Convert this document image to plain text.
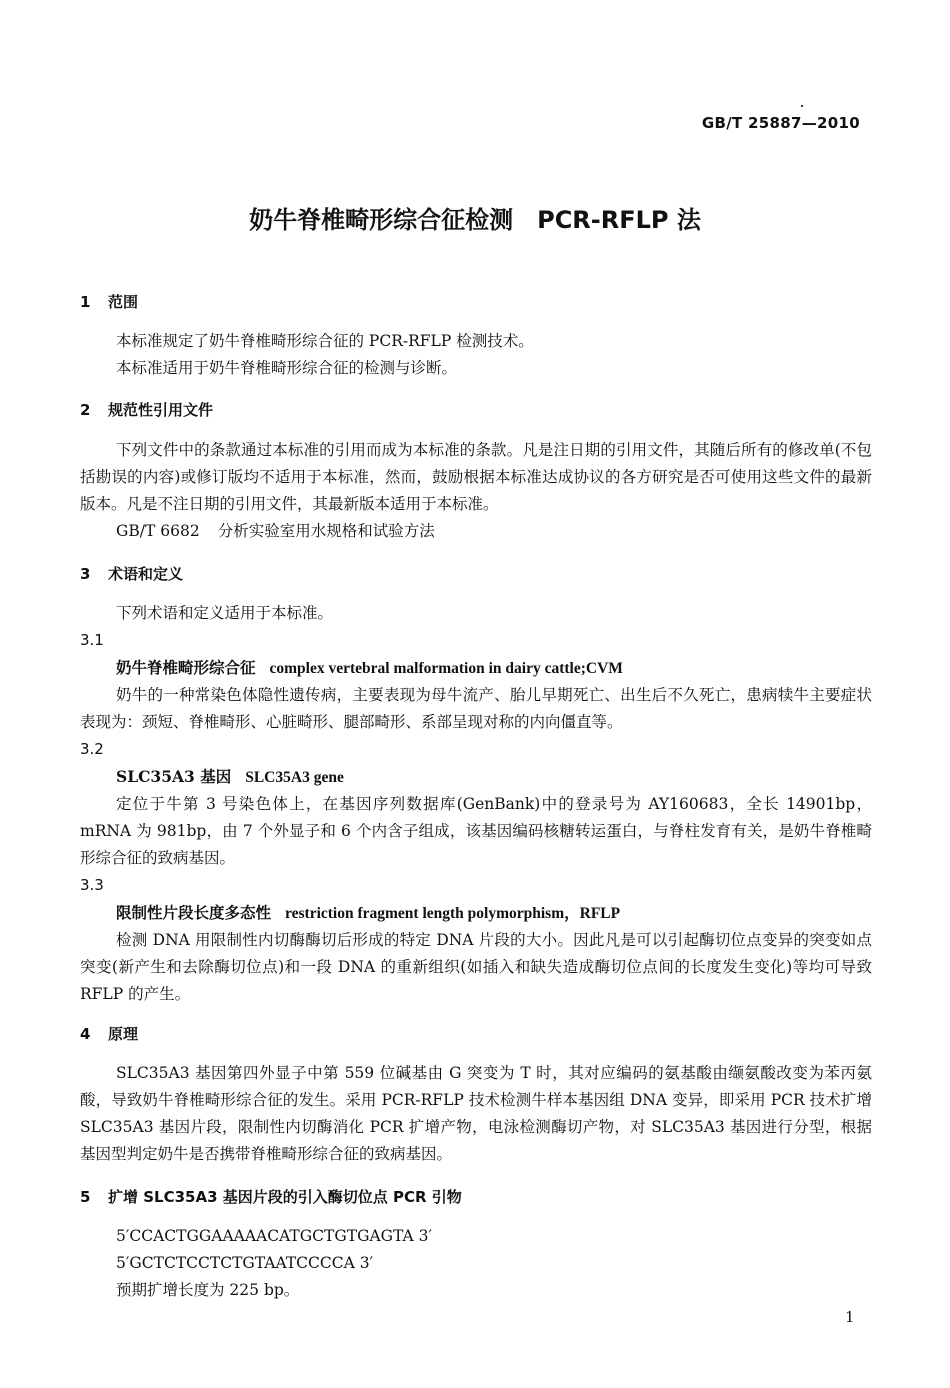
GB/T 25887—2010
奶牛脊椎畸形综合征检测　PCR-RFLP 法
1 范围
本标准规定了奶牛脊椎畸形综合征的 PCR-RFLP 检测技术。
本标准适用于奶牛脊椎畸形综合征的检测与诊断。
2 规范性引用文件
下列文件中的条款通过本标准的引用而成为本标准的条款。凡是注日期的引用文件，其随后所有的修改单(不包括勘误的内容)或修订版均不适用于本标准，然而，鼓励根据本标准达成协议的各方研究是否可使用这些文件的最新版本。凡是不注日期的引用文件，其最新版本适用于本标准。
GB/T 6682 分析实验室用水规格和试验方法
3 术语和定义
下列术语和定义适用于本标准。
3.1
奶牛脊椎畸形综合征 complex vertebral malformation in dairy cattle;CVM
奶牛的一种常染色体隐性遗传病，主要表现为母牛流产、胎儿早期死亡、出生后不久死亡，患病犊牛主要症状表现为：颈短、脊椎畸形、心脏畸形、腿部畸形、系部呈现对称的内向僵直等。
3.2
SLC35A3 基因 SLC35A3 gene
定位于牛第 3 号染色体上，在基因序列数据库(GenBank)中的登录号为 AY160683，全长 14901bp，mRNA 为 981bp，由 7 个外显子和 6 个内含子组成，该基因编码核糖转运蛋白，与脊柱发育有关，是奶牛脊椎畸形综合征的致病基因。
3.3
限制性片段长度多态性 restriction fragment length polymorphism，RFLP
检测 DNA 用限制性内切酶酶切后形成的特定 DNA 片段的大小。因此凡是可以引起酶切位点变异的突变如点突变(新产生和去除酶切位点)和一段 DNA 的重新组织(如插入和缺失造成酶切位点间的长度发生变化)等均可导致 RFLP 的产生。
4 原理
SLC35A3 基因第四外显子中第 559 位碱基由 G 突变为 T 时，其对应编码的氨基酸由缬氨酸改变为苯丙氨酸，导致奶牛脊椎畸形综合征的发生。采用 PCR-RFLP 技术检测牛样本基因组 DNA 变异，即采用 PCR 技术扩增 SLC35A3 基因片段，限制性内切酶消化 PCR 扩增产物，电泳检测酶切产物，对 SLC35A3 基因进行分型，根据基因型判定奶牛是否携带脊椎畸形综合征的致病基因。
5 扩增 SLC35A3 基因片段的引入酶切位点 PCR 引物
5′CCACTGGAAAAACATGCTGTGAGTA 3′
5′GCTCTCCTCTGTAATCCCCA 3′
预期扩增长度为 225 bp。
1
